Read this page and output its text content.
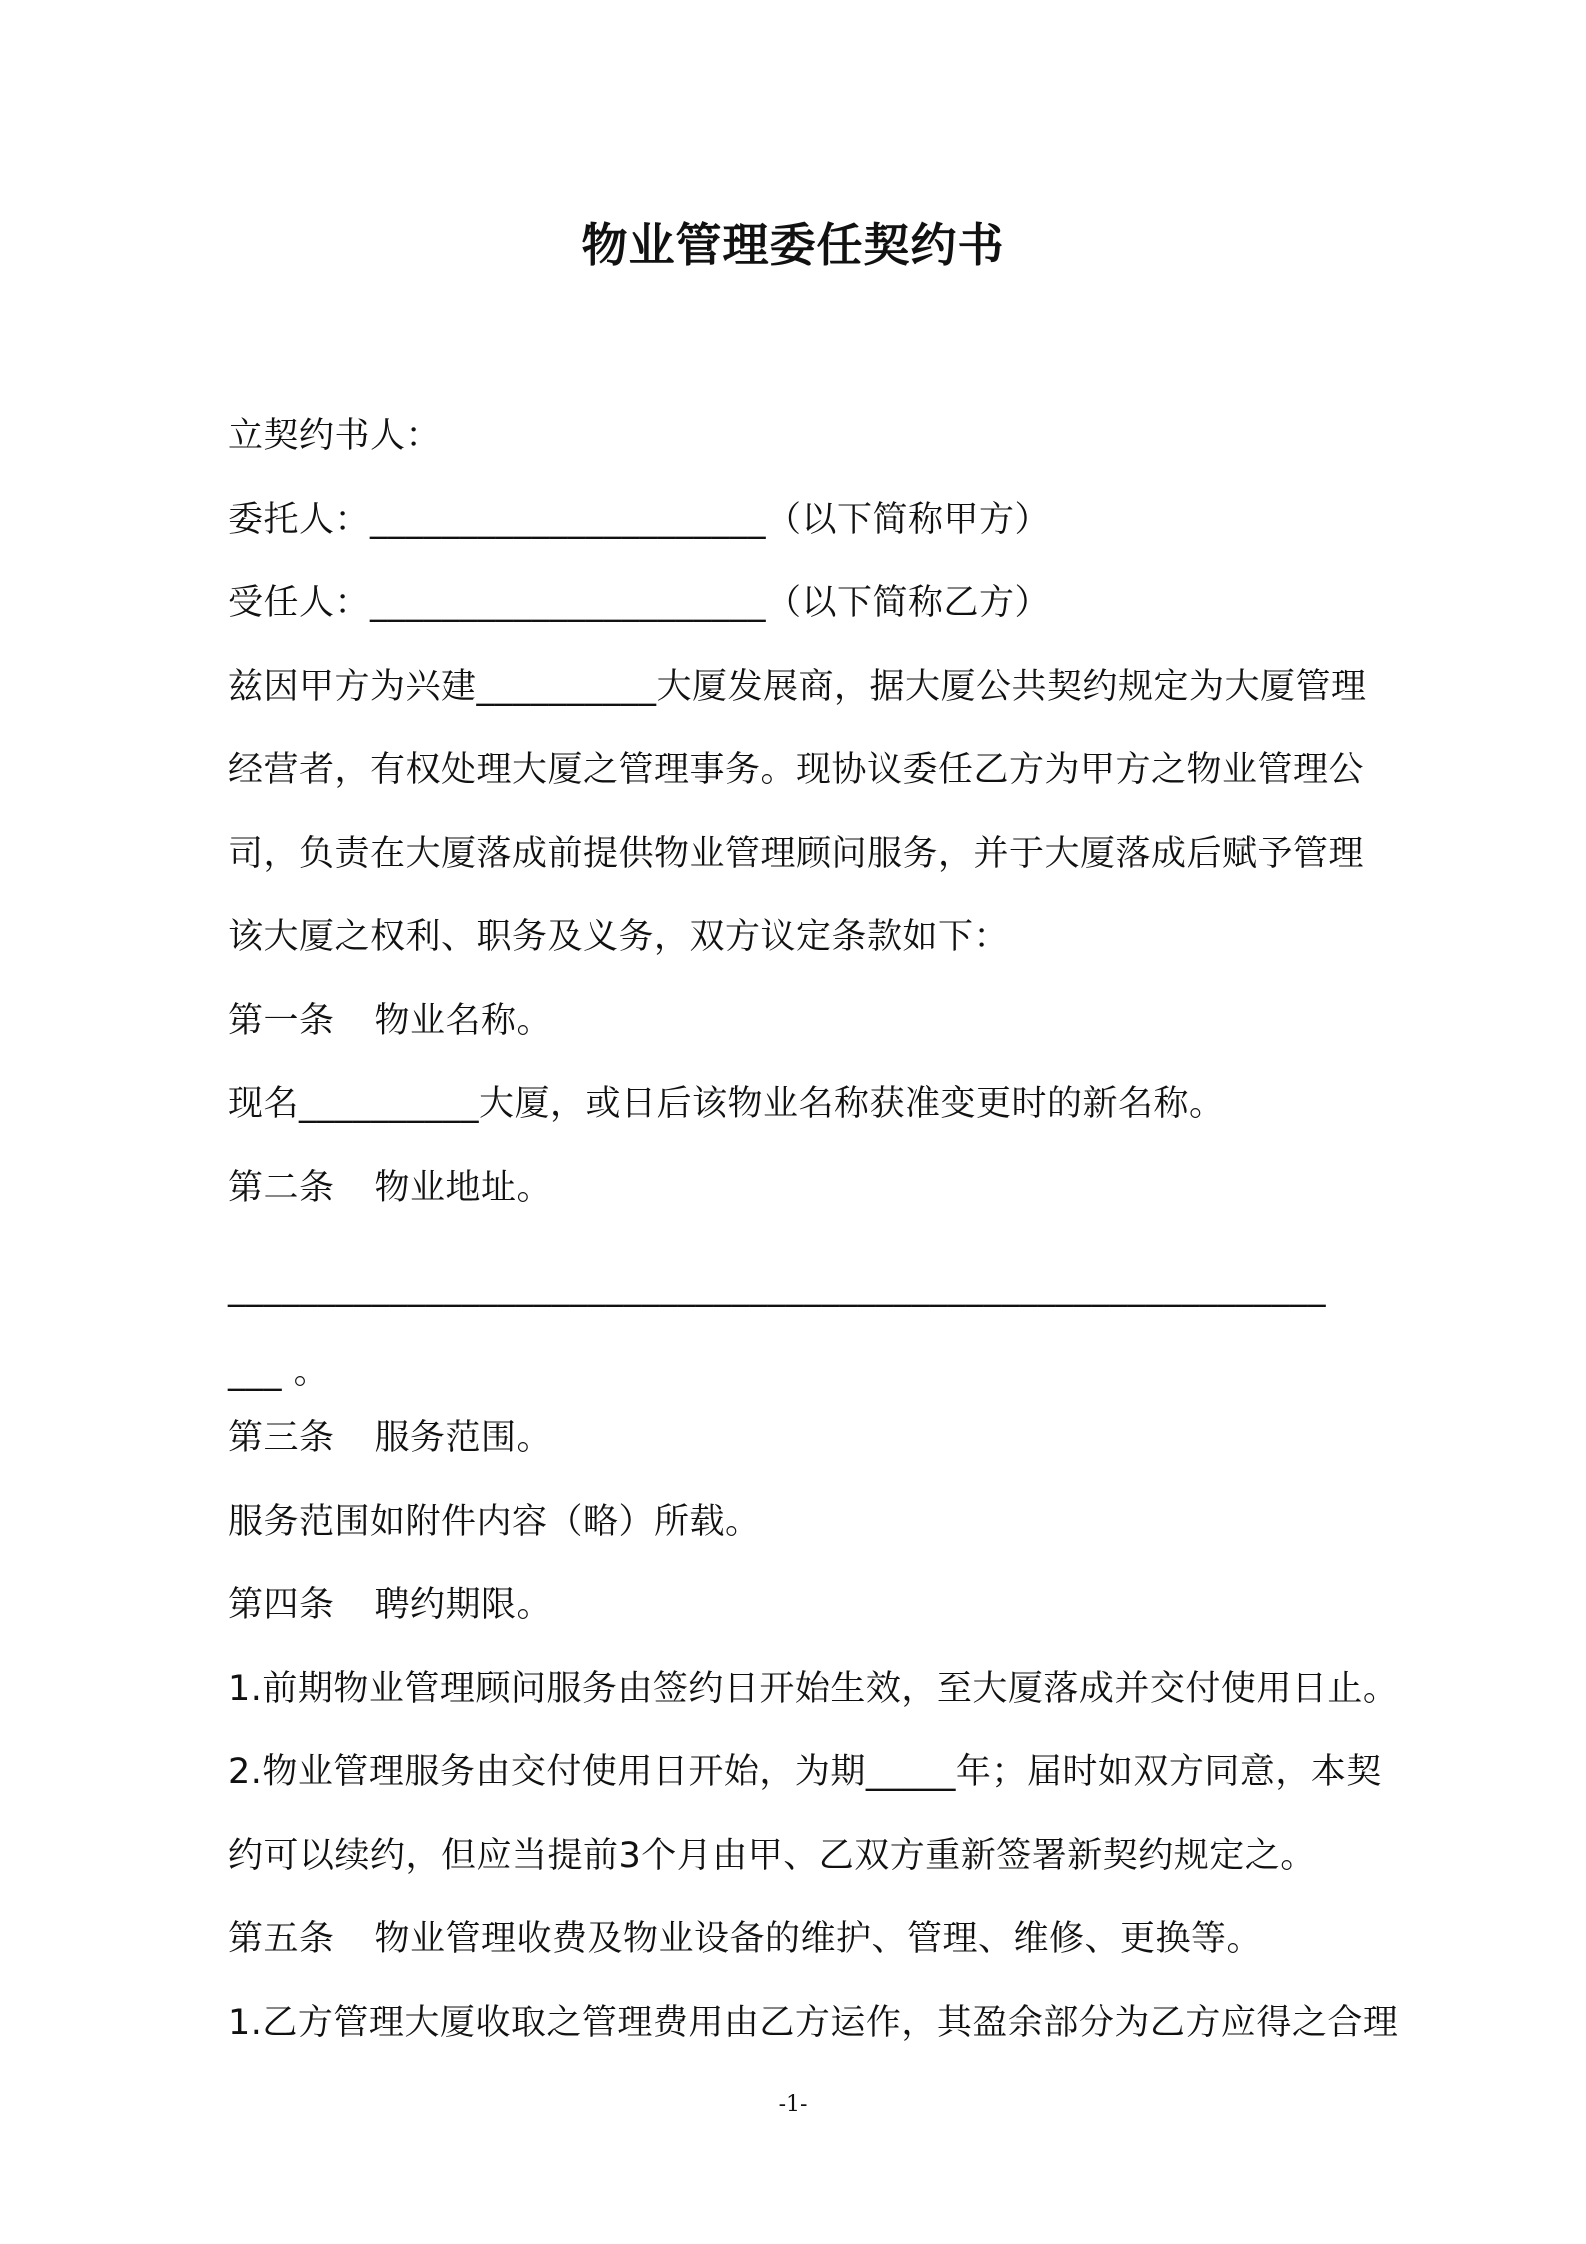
物业管理委任契约书
立契约书人：
委托人：______________________（以下简称甲方）
受任人：______________________（以下简称乙方）
兹因甲方为兴建__________大厦发展商，据大厦公共契约规定为大厦管理
经营者，有权处理大厦之管理事务。现协议委任乙方为甲方之物业管理公
司，负责在大厦落成前提供物业管理顾问服务，并于大厦落成后赋予管理
该大厦之权利、职务及义务，双方议定条款如下：
第一条 物业名称。
现名__________大厦，或日后该物业名称获准变更时的新名称。
第二条 物业地址。
_____________________________________________________________
___ 。
第三条 服务范围。
服务范围如附件内容（略）所载。
第四条 聘约期限。
1.前期物业管理顾问服务由签约日开始生效，至大厦落成并交付使用日止。
2.物业管理服务由交付使用日开始，为期_____年；届时如双方同意，本契
约可以续约，但应当提前3个月由甲、乙双方重新签署新契约规定之。
第五条 物业管理收费及物业设备的维护、管理、维修、更换等。
1.乙方管理大厦收取之管理费用由乙方运作，其盈余部分为乙方应得之合理
-1-
